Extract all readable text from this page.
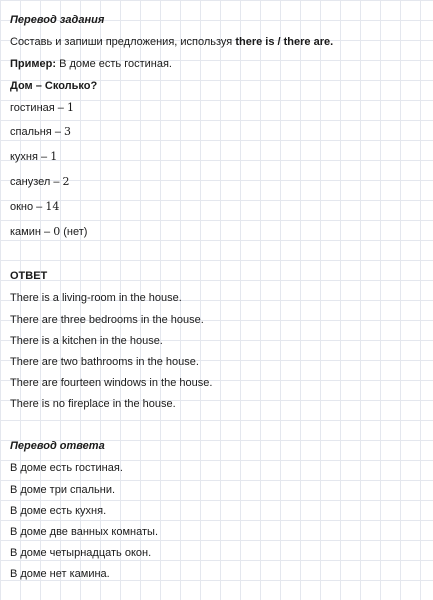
Перевод задания
Составь и запиши предложения, используя there is / there are.
Пример: В доме есть гостиная.
Дом – Сколько?
гостиная – 1
спальня – 3
кухня – 1
санузел – 2
окно – 14
камин – 0 (нет)
ОТВЕТ
There is a living-room in the house.
There are three bedrooms in the house.
There is a kitchen in the house.
There are two bathrooms in the house.
There are fourteen windows in the house.
There is no fireplace in the house.
Перевод ответа
В доме есть гостиная.
В доме три спальни.
В доме есть кухня.
В доме две ванных комнаты.
В доме четырнадцать окон.
В доме нет камина.
